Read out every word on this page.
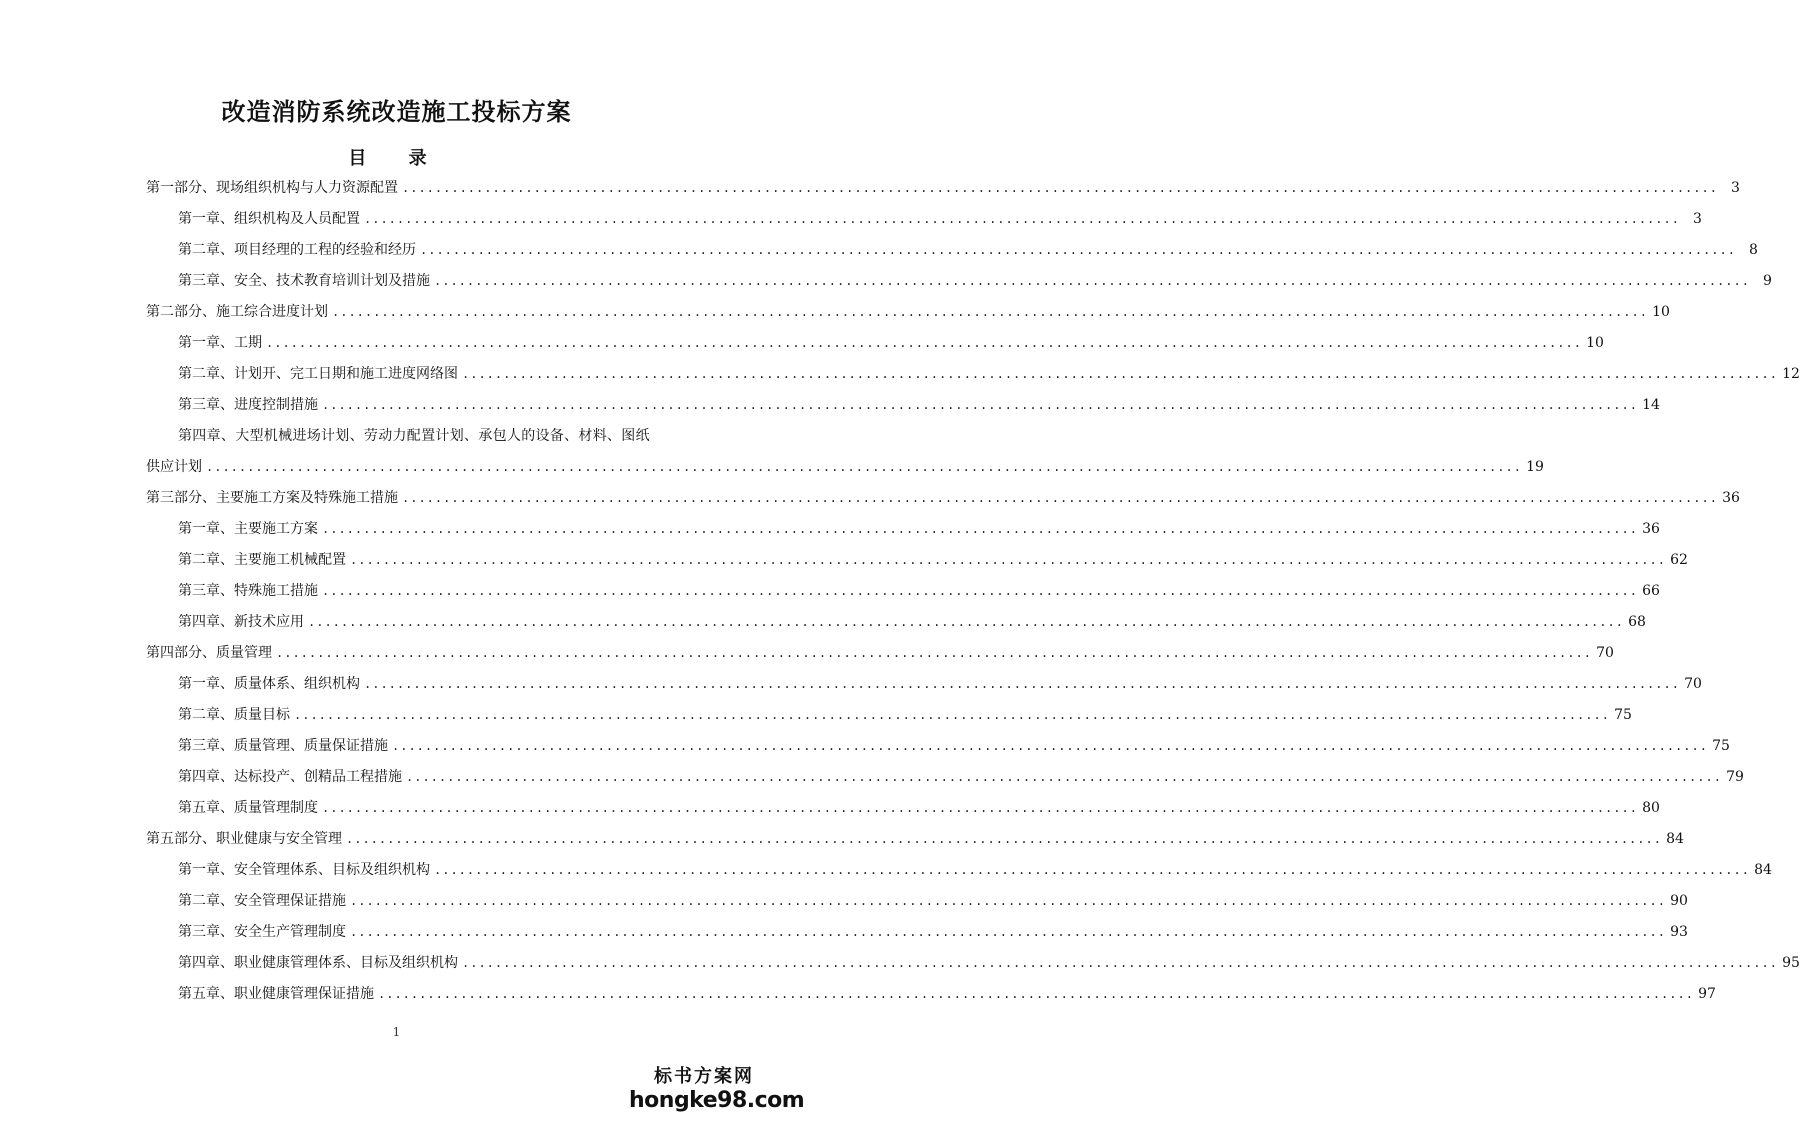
改造消防系统改造施工投标方案
目 录
第一部分、现场组织机构与人力资源配置 ................................................................................................................................................................ 3
第一章、组织机构及人员配置 ................................................................................................................................................................ 3
第二章、项目经理的工程的经验和经历 ................................................................................................................................................................ 8
第三章、安全、技术教育培训计划及措施 ................................................................................................................................................................ 9
第二部分、施工综合进度计划 ................................................................................................................................................................ 10
第一章、工期 ................................................................................................................................................................ 10
第二章、计划开、完工日期和施工进度网络图 ................................................................................................................................................................ 12
第三章、进度控制措施 ................................................................................................................................................................ 14
第四章、大型机械进场计划、劳动力配置计划、承包人的设备、材料、图纸
供应计划 ................................................................................................................................................................ 19
第三部分、主要施工方案及特殊施工措施 ................................................................................................................................................................ 36
第一章、主要施工方案 ................................................................................................................................................................ 36
第二章、主要施工机械配置 ................................................................................................................................................................ 62
第三章、特殊施工措施 ................................................................................................................................................................ 66
第四章、新技术应用 ................................................................................................................................................................ 68
第四部分、质量管理 ................................................................................................................................................................ 70
第一章、质量体系、组织机构 ................................................................................................................................................................ 70
第二章、质量目标 ................................................................................................................................................................ 75
第三章、质量管理、质量保证措施 ................................................................................................................................................................ 75
第四章、达标投产、创精品工程措施 ................................................................................................................................................................ 79
第五章、质量管理制度 ................................................................................................................................................................ 80
第五部分、职业健康与安全管理 ................................................................................................................................................................ 84
第一章、安全管理体系、目标及组织机构 ................................................................................................................................................................ 84
第二章、安全管理保证措施 ................................................................................................................................................................ 90
第三章、安全生产管理制度 ................................................................................................................................................................ 93
第四章、职业健康管理体系、目标及组织机构 ................................................................................................................................................................ 95
第五章、职业健康管理保证措施 ................................................................................................................................................................ 97
1
标书方案网
hongke98.com
